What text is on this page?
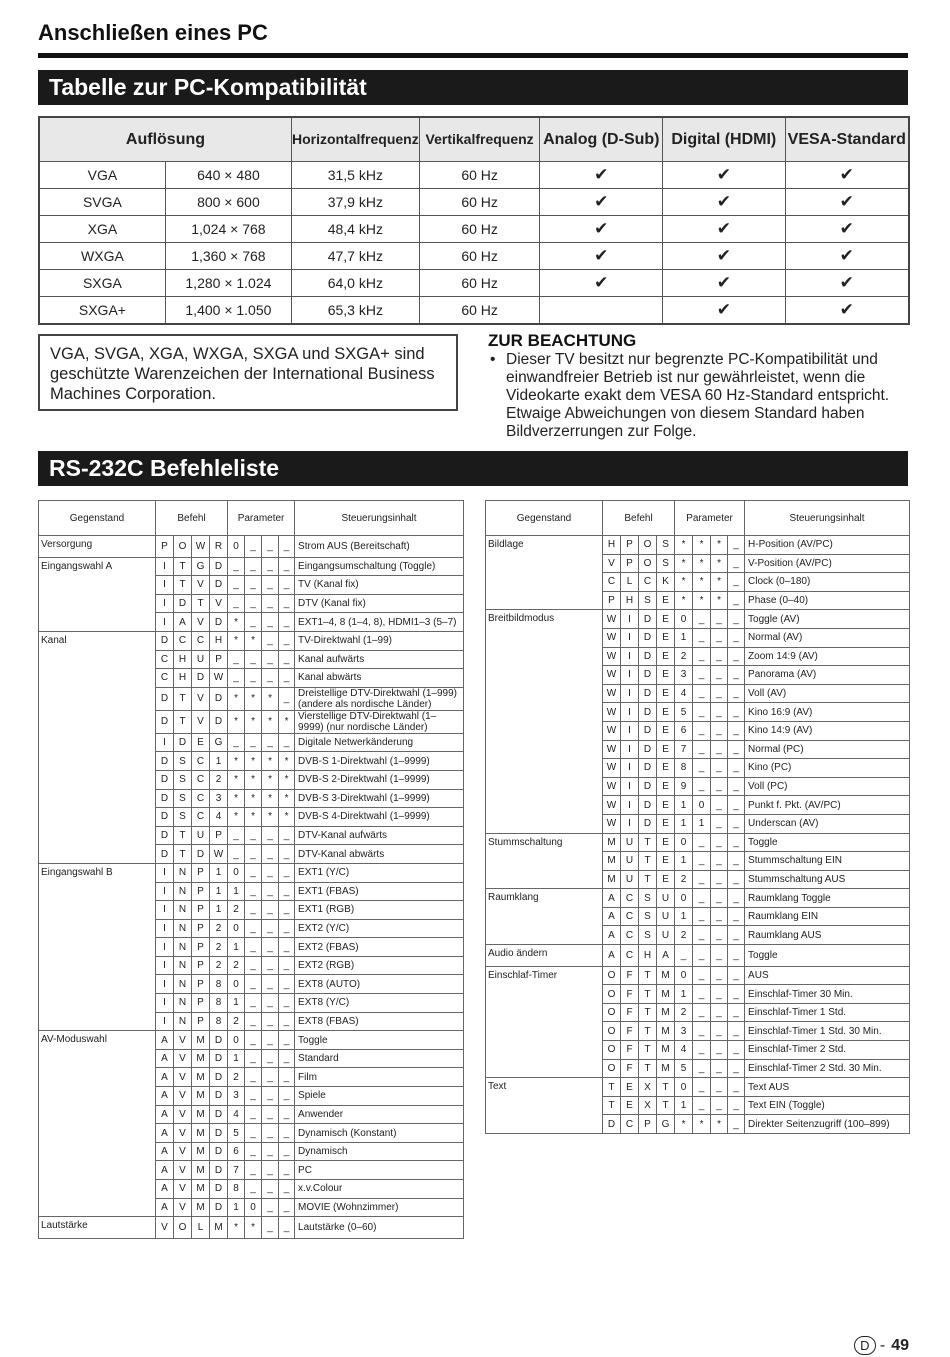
Anschließen eines PC
Tabelle zur PC-Kompatibilität
Auflösung		Horizontalfrequenz	Vertikalfrequenz	Analog (D-Sub)	Digital (HDMI)	VESA-Standard
VGA	640 × 480	31,5 kHz	60 Hz	✔	✔	✔
SVGA	800 × 600	37,9 kHz	60 Hz	✔	✔	✔
XGA	1,024 × 768	48,4 kHz	60 Hz	✔	✔	✔
WXGA	1,360 × 768	47,7 kHz	60 Hz	✔	✔	✔
SXGA	1,280 × 1.024	64,0 kHz	60 Hz	✔	✔	✔
SXGA+	1,400 × 1.050	65,3 kHz	60 Hz		✔	✔
VGA, SVGA, XGA, WXGA, SXGA und SXGA+ sind geschützte Warenzeichen der International Business Machines Corporation.
ZUR BEACHTUNG
• Dieser TV besitzt nur begrenzte PC-Kompatibilität und einwandfreier Betrieb ist nur gewährleistet, wenn die Videokarte exakt dem VESA 60 Hz-Standard entspricht. Etwaige Abweichungen von diesem Standard haben Bildverzerrungen zur Folge.
RS-232C Befehleliste
Gegenstand	Befehl				Parameter				Steuerungsinhalt
Versorgung	P	O	W	R	0	_	_	_	Strom AUS (Bereitschaft)
Eingangswahl A	I	T	G	D	_	_	_	_	Eingangsumschaltung (Toggle)
	I	T	V	D	_	_	_	_	TV (Kanal fix)
	I	D	T	V	_	_	_	_	DTV (Kanal fix)
	I	A	V	D	*	_	_	_	EXT1–4, 8 (1–4, 8), HDMI1–3 (5–7)
Kanal	D	C	C	H	*	*	_	_	TV-Direktwahl (1–99)
	C	H	U	P	_	_	_	_	Kanal aufwärts
	C	H	D	W	_	_	_	_	Kanal abwärts
	D	T	V	D	*	*	*	_	Dreistellige DTV-Direktwahl (1–999) (andere als nordische Länder)
	D	T	V	D	*	*	*	*	Vierstellige DTV-Direktwahl (1–9999) (nur nordische Länder)
	I	D	E	G	_	_	_	_	Digitale Netwerkänderung
	D	S	C	1	*	*	*	*	DVB-S 1-Direktwahl (1–9999)
	D	S	C	2	*	*	*	*	DVB-S 2-Direktwahl (1–9999)
	D	S	C	3	*	*	*	*	DVB-S 3-Direktwahl (1–9999)
	D	S	C	4	*	*	*	*	DVB-S 4-Direktwahl (1–9999)
	D	T	U	P	_	_	_	_	DTV-Kanal aufwärts
	D	T	D	W	_	_	_	_	DTV-Kanal abwärts
Eingangswahl B	I	N	P	1	0	_	_	_	EXT1 (Y/C)
	I	N	P	1	1	_	_	_	EXT1 (FBAS)
	I	N	P	1	2	_	_	_	EXT1 (RGB)
	I	N	P	2	0	_	_	_	EXT2 (Y/C)
	I	N	P	2	1	_	_	_	EXT2 (FBAS)
	I	N	P	2	2	_	_	_	EXT2 (RGB)
	I	N	P	8	0	_	_	_	EXT8 (AUTO)
	I	N	P	8	1	_	_	_	EXT8 (Y/C)
	I	N	P	8	2	_	_	_	EXT8 (FBAS)
AV-Moduswahl	A	V	M	D	0	_	_	_	Toggle
	A	V	M	D	1	_	_	_	Standard
	A	V	M	D	2	_	_	_	Film
	A	V	M	D	3	_	_	_	Spiele
	A	V	M	D	4	_	_	_	Anwender
	A	V	M	D	5	_	_	_	Dynamisch (Konstant)
	A	V	M	D	6	_	_	_	Dynamisch
	A	V	M	D	7	_	_	_	PC
	A	V	M	D	8	_	_	_	x.v.Colour
	A	V	M	D	1	0	_	_	MOVIE (Wohnzimmer)
Lautstärke	V	O	L	M	*	*	_	_	Lautstärke (0–60)
Gegenstand	Befehl				Parameter				Steuerungsinhalt
Bildlage	H	P	O	S	*	*	*	_	H-Position (AV/PC)
	V	P	O	S	*	*	*	_	V-Position (AV/PC)
	C	L	C	K	*	*	*	_	Clock (0–180)
	P	H	S	E	*	*	*	_	Phase (0–40)
Breitbildmodus	W	I	D	E	0	_	_	_	Toggle (AV)
	W	I	D	E	1	_	_	_	Normal (AV)
	W	I	D	E	2	_	_	_	Zoom 14:9 (AV)
	W	I	D	E	3	_	_	_	Panorama (AV)
	W	I	D	E	4	_	_	_	Voll (AV)
	W	I	D	E	5	_	_	_	Kino 16:9 (AV)
	W	I	D	E	6	_	_	_	Kino 14:9 (AV)
	W	I	D	E	7	_	_	_	Normal (PC)
	W	I	D	E	8	_	_	_	Kino (PC)
	W	I	D	E	9	_	_	_	Voll (PC)
	W	I	D	E	1	0	_	_	Punkt f. Pkt. (AV/PC)
	W	I	D	E	1	1	_	_	Underscan (AV)
Stummschaltung	M	U	T	E	0	_	_	_	Toggle
	M	U	T	E	1	_	_	_	Stummschaltung EIN
	M	U	T	E	2	_	_	_	Stummschaltung AUS
Raumklang	A	C	S	U	0	_	_	_	Raumklang Toggle
	A	C	S	U	1	_	_	_	Raumklang EIN
	A	C	S	U	2	_	_	_	Raumklang AUS
Audio ändern	A	C	H	A	_	_	_	_	Toggle
Einschlaf-Timer	O	F	T	M	0	_	_	_	AUS
	O	F	T	M	1	_	_	_	Einschlaf-Timer 30 Min.
	O	F	T	M	2	_	_	_	Einschlaf-Timer 1 Std.
	O	F	T	M	3	_	_	_	Einschlaf-Timer 1 Std. 30 Min.
	O	F	T	M	4	_	_	_	Einschlaf-Timer 2 Std.
	O	F	T	M	5	_	_	_	Einschlaf-Timer 2 Std. 30 Min.
Text	T	E	X	T	0	_	_	_	Text AUS
	T	E	X	T	1	_	_	_	Text EIN (Toggle)
	D	C	P	G	*	*	*	_	Direkter Seitenzugriff (100–899)
D - 49
